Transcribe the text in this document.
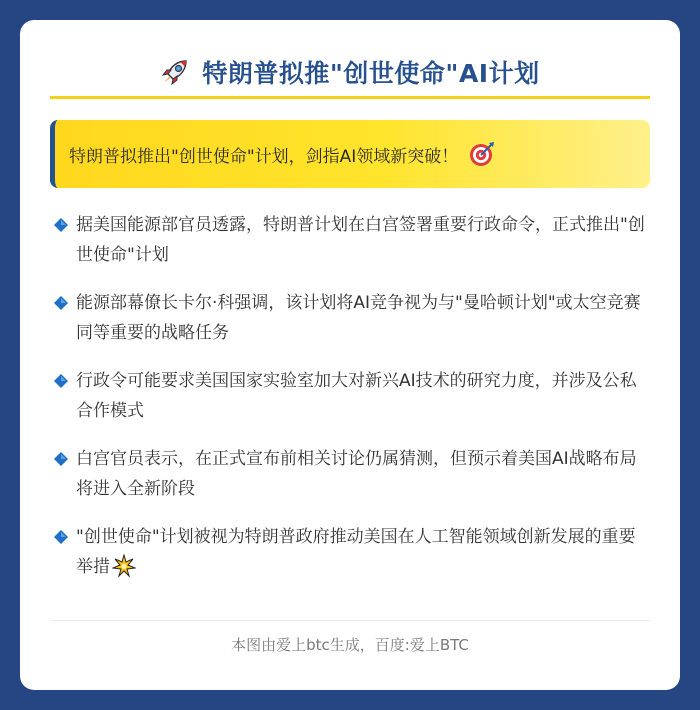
特朗普拟推"创世使命"AI计划
特朗普拟推出"创世使命"计划，剑指AI领域新突破！
据美国能源部官员透露，特朗普计划在白宫签署重要行政命令，正式推出"创世使命"计划
能源部幕僚长卡尔·科强调，该计划将AI竞争视为与"曼哈顿计划"或太空竞赛同等重要的战略任务
行政令可能要求美国国家实验室加大对新兴AI技术的研究力度，并涉及公私合作模式
白宫官员表示，在正式宣布前相关讨论仍属猜测，但预示着美国AI战略布局将进入全新阶段
"创世使命"计划被视为特朗普政府推动美国在人工智能领域创新发展的重要举措
本图由爱上btc生成，百度:爱上BTC
